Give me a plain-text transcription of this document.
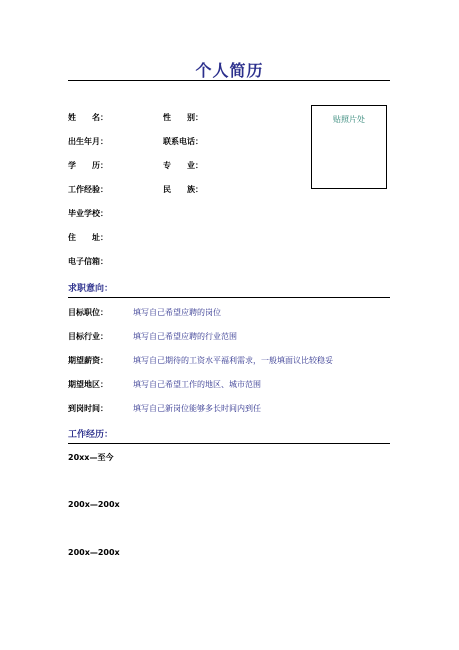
个人简历
姓　　名：	性　　别：
出生年月：	联系电话：
学　　历：	专　　业：
工作经验：	民　　族：
毕业学校：
住　　址：
电子信箱：
贴照片处
求职意向：
目标职位：	填写自己希望应聘的岗位
目标行业：	填写自己希望应聘的行业范围
期望薪资：	填写自己期待的工资水平福利需求，一般填面议比较稳妥
期望地区：	填写自己希望工作的地区、城市范围
到岗时间：	填写自己新岗位能够多长时间内到任
工作经历：
20xx—至今
200x—200x
200x—200x
